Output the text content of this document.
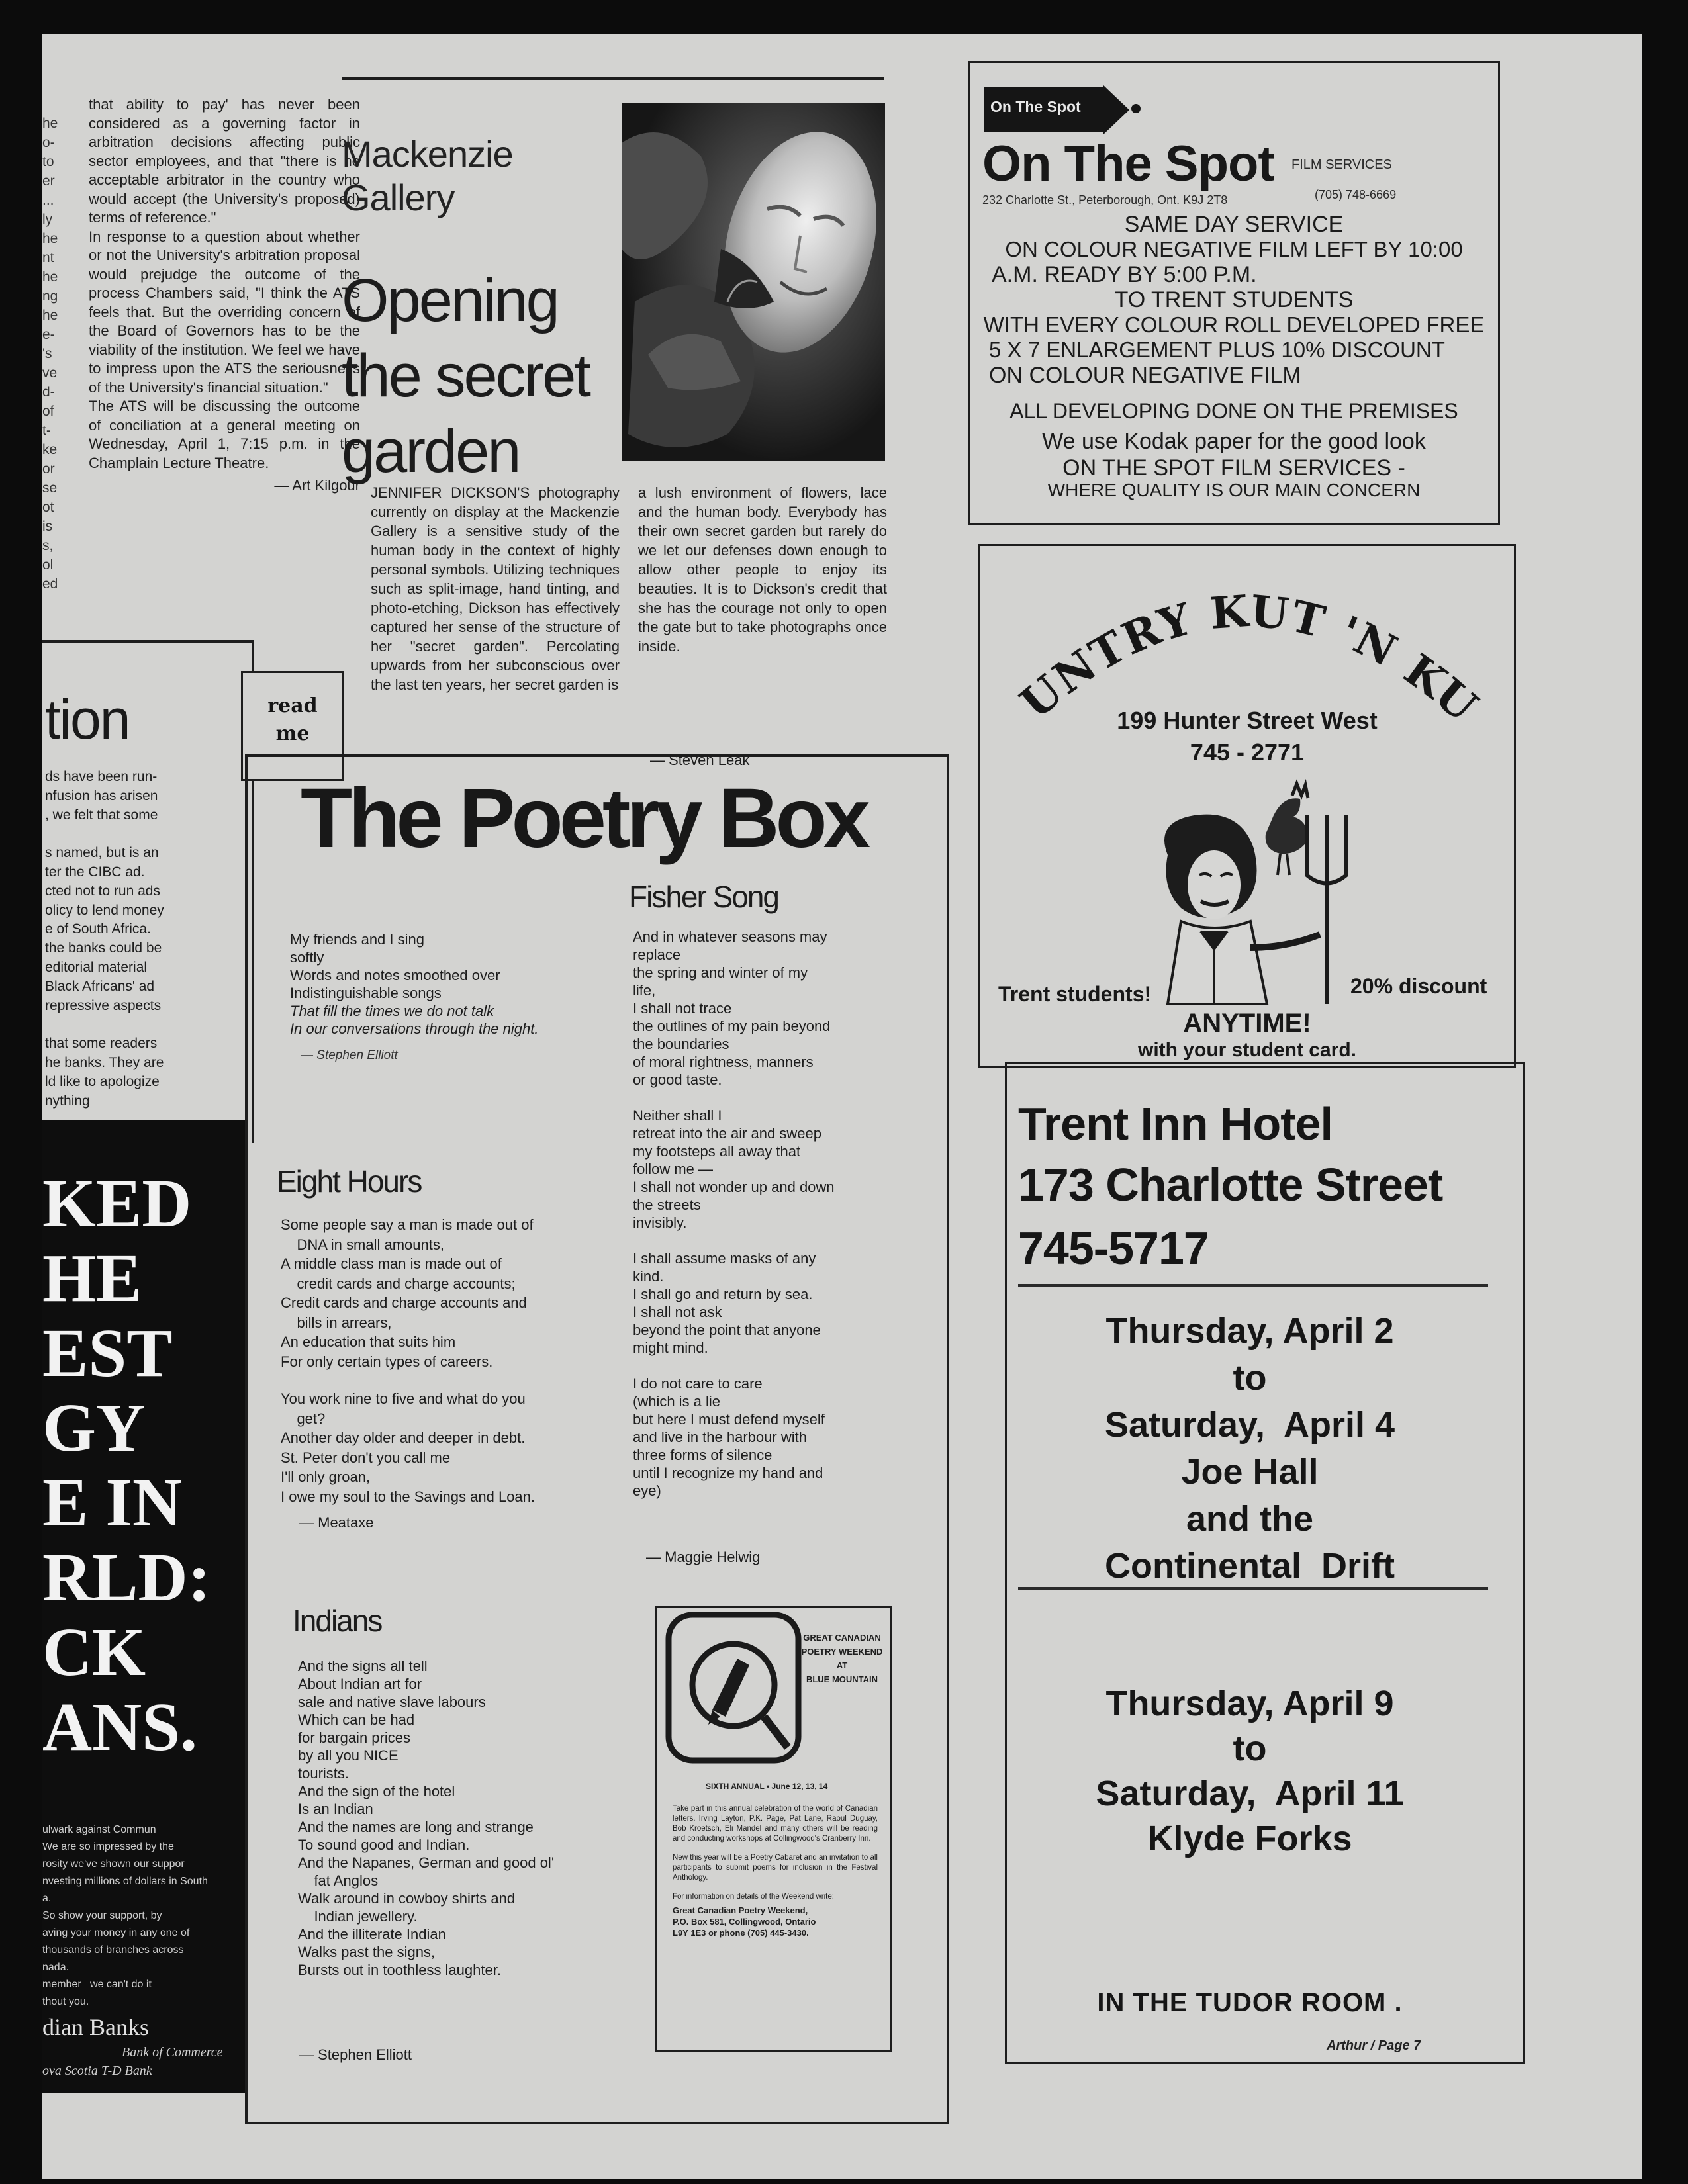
he
o-
to
er
...
ly
he
nt
he
ng
he
e-
's
ve
d-
of
t-
ke
or
se
ot
is
s,
ol
ed

that ability to pay' has never been considered as a governing factor in arbitration decisions affecting public sector employees, and that "there is no acceptable arbitrator in the country who would accept (the University's proposed) terms of reference."
In response to a question about whether or not the University's arbitration proposal would prejudge the outcome of the process Chambers said, "I think the ATS feels that. But the overriding concern of the Board of Governors has to be the viability of the institution. We feel we have to impress upon the ATS the seriousness of the University's financial situation."
The ATS will be discussing the outcome of conciliation at a general meeting on Wednesday, April 1, 7:15 p.m. in the Champlain Lecture Theatre.

— Art Kilgour

tion
ds have been run-
nfusion has arisen
, we felt that some

s named, but is an
ter the CIBC ad.
cted not to run ads
olicy to lend money
e of South Africa.
the banks could be
editorial material
Black Africans' ad
repressive aspects

that some readers
he banks. They are
ld like to apologize
nything
read
me
KED
HE
EST
GY
E IN
RLD:
CK
ANS.
ulwark against Commun
We are so impressed by the
rosity we've shown our suppor
nvesting millions of dollars in South
a.
So show your support, by
aving your money in any one of
thousands of branches across
nada.
member   we can't do it
thout you.
dian Banks
Bank of Commerce
ova Scotia T-D Bank
Mackenzie
Gallery
Opening
the secret
garden

JENNIFER DICKSON'S photography currently on display at the Mackenzie Gallery is a sensitive study of the human body in the context of highly personal symbols. Utilizing techniques such as split-image, hand tinting, and photo-etching, Dickson has effectively captured her sense of the structure of her "secret garden". Percolating upwards from her subconscious over the last ten years, her secret garden is

a lush environment of flowers, lace and the human body. Everybody has their own secret garden but rarely do we let our defenses down enough to allow other people to enjoy its beauties. It is to Dickson's credit that she has the courage not only to open the gate but to take photographs once inside.

— Steven Leak

The Poetry Box
My friends and I sing
softly
Words and notes smoothed over
Indistinguishable songs
That fill the times we do not talk
In our conversations through the night.
— Stephen Elliott
Eight Hours
Some people say a man is made out of
DNA in small amounts,
A middle class man is made out of
credit cards and charge accounts;
Credit cards and charge accounts and
bills in arrears,
An education that suits him
For only certain types of careers.
You work nine to five and what do you
get?
Another day older and deeper in debt.
St. Peter don't you call me
I'll only groan,
I owe my soul to the Savings and Loan.
— Meataxe
Indians
And the signs all tell
About Indian art for
sale and native slave labours
Which can be had
for bargain prices
by all you NICE
tourists.
And the sign of the hotel
Is an Indian
And the names are long and strange
To sound good and Indian.
And the Napanes, German and good ol'
fat Anglos
Walk around in cowboy shirts and
Indian jewellery.
And the illiterate Indian
Walks past the signs,
Bursts out in toothless laughter.
— Stephen Elliott
Fisher Song
And in whatever seasons may
replace
the spring and winter of my
life,
I shall not trace
the outlines of my pain beyond
the boundaries
of moral rightness, manners
or good taste.
Neither shall I
retreat into the air and sweep
my footsteps all away that
follow me —
I shall not wonder up and down
the streets
invisibly.
I shall assume masks of any
kind.
I shall go and return by sea.
I shall not ask
beyond the point that anyone
might mind.
I do not care to care
(which is a lie
but here I must defend myself
and live in the harbour with
three forms of silence
until I recognize my hand and
eye)
— Maggie Helwig
GREAT CANADIAN
POETRY WEEKEND
AT
BLUE MOUNTAIN
SIXTH ANNUAL • June 12, 13, 14

Take part in this annual celebration of the world of Canadian letters. Irving Layton, P.K. Page, Pat Lane, Raoul Duguay, Bob Kroetsch, Eli Mandel and many others will be reading and conducting workshops at Collingwood's Cranberry Inn.

New this year will be a Poetry Cabaret and an invitation to all participants to submit poems for inclusion in the Festival Anthology.

For information on details of the Weekend write:

Great Canadian Poetry Weekend,
P.O. Box 581, Collingwood, Ontario
L9Y 1E3 or phone (705) 445-3430.
On The Spot
On The Spot FILM SERVICES
232 Charlotte St., Peterborough, Ont. K9J 2T8	(705) 748-6669
SAME DAY SERVICE
ON COLOUR NEGATIVE FILM LEFT BY 10:00
A.M. READY BY 5:00 P.M.
TO TRENT STUDENTS
WITH EVERY COLOUR ROLL DEVELOPED FREE
5 X 7 ENLARGEMENT PLUS 10% DISCOUNT
ON COLOUR NEGATIVE FILM
ALL DEVELOPING DONE ON THE PREMISES
We use Kodak paper for the good look
ON THE SPOT FILM SERVICES -
WHERE QUALITY IS OUR MAIN CONCERN
UNTRY KUT 'N KU
199 Hunter Street West
745 - 2771
Trent students!	20% discount
ANYTIME!
with your student card.
Trent Inn Hotel
173 Charlotte Street
745-5717
Thursday, April 2
to
Saturday,  April 4
Joe Hall
and the
Continental  Drift
Thursday, April 9
to
Saturday,  April 11
Klyde Forks
IN THE TUDOR ROOM .
Arthur / Page 7
